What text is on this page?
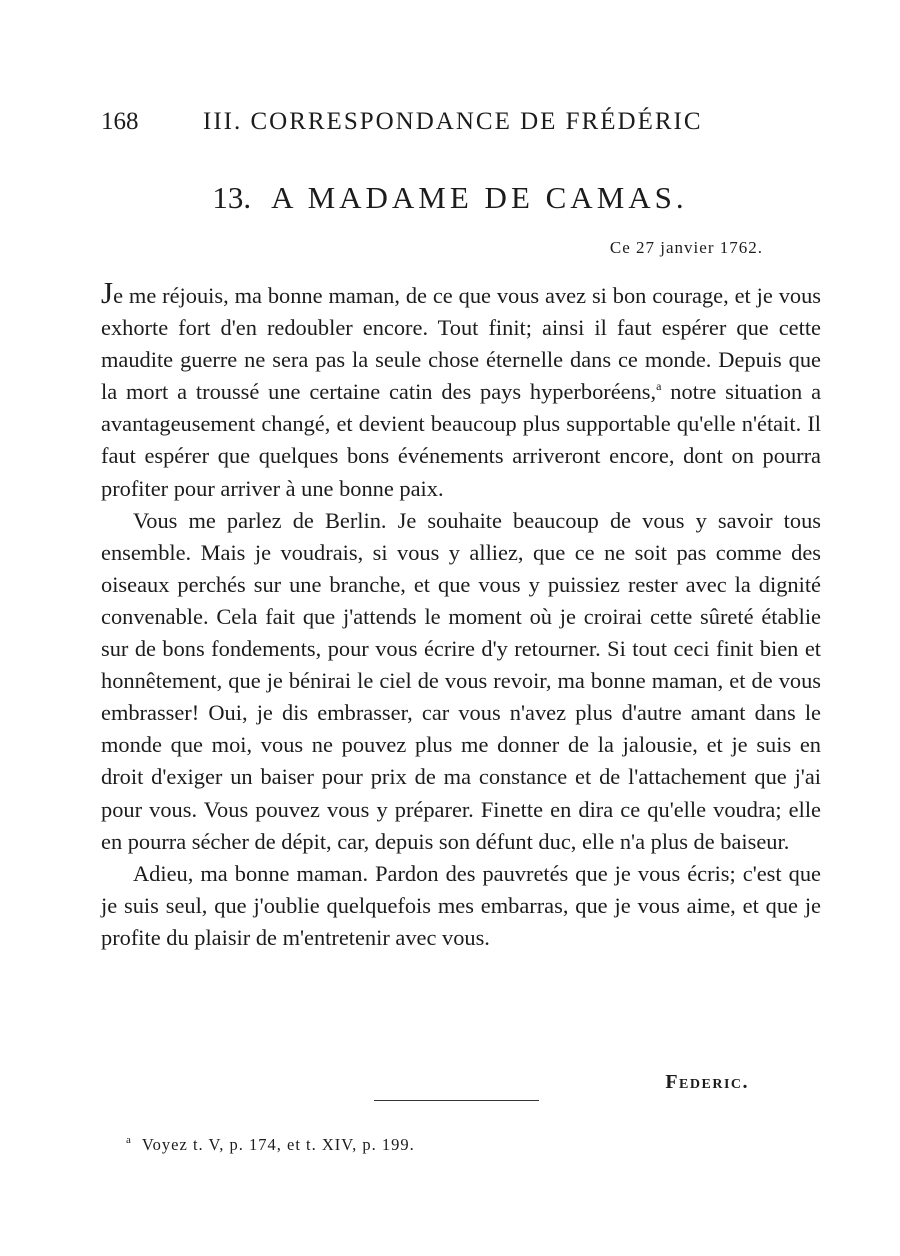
168	III. CORRESPONDANCE DE FRÉDÉRIC
13. A MADAME DE CAMAS.
Ce 27 janvier 1762.

Je me réjouis, ma bonne maman, de ce que vous avez si bon courage, et je vous exhorte fort d'en redoubler encore. Tout finit; ainsi il faut espérer que cette maudite guerre ne sera pas la seule chose éternelle dans ce monde. Depuis que la mort a troussé une certaine catin des pays hyperboréens,$^a$ notre situation a avantageusement changé, et devient beaucoup plus supportable qu'elle n'était. Il faut espérer que quelques bons événements arriveront encore, dont on pourra profiter pour arriver à une bonne paix.

Vous me parlez de Berlin. Je souhaite beaucoup de vous y savoir tous ensemble. Mais je voudrais, si vous y alliez, que ce ne soit pas comme des oiseaux perchés sur une branche, et que vous y puissiez rester avec la dignité convenable. Cela fait que j'attends le moment où je croirai cette sûreté établie sur de bons fondements, pour vous écrire d'y retourner. Si tout ceci finit bien et honnêtement, que je bénirai le ciel de vous revoir, ma bonne maman, et de vous embrasser! Oui, je dis embrasser, car vous n'avez plus d'autre amant dans le monde que moi, vous ne pouvez plus me donner de la jalousie, et je suis en droit d'exiger un baiser pour prix de ma constance et de l'attachement que j'ai pour vous. Vous pouvez vous y préparer. Finette en dira ce qu'elle voudra; elle en pourra sécher de dépit, car, depuis son défunt duc, elle n'a plus de baiseur.

Adieu, ma bonne maman. Pardon des pauvretés que je vous écris; c'est que je suis seul, que j'oublie quelquefois mes embarras, que je vous aime, et que je profite du plaisir de m'entretenir avec vous.

Federic.
$^a$ Voyez t. V, p. 174, et t. XIV, p. 199.
